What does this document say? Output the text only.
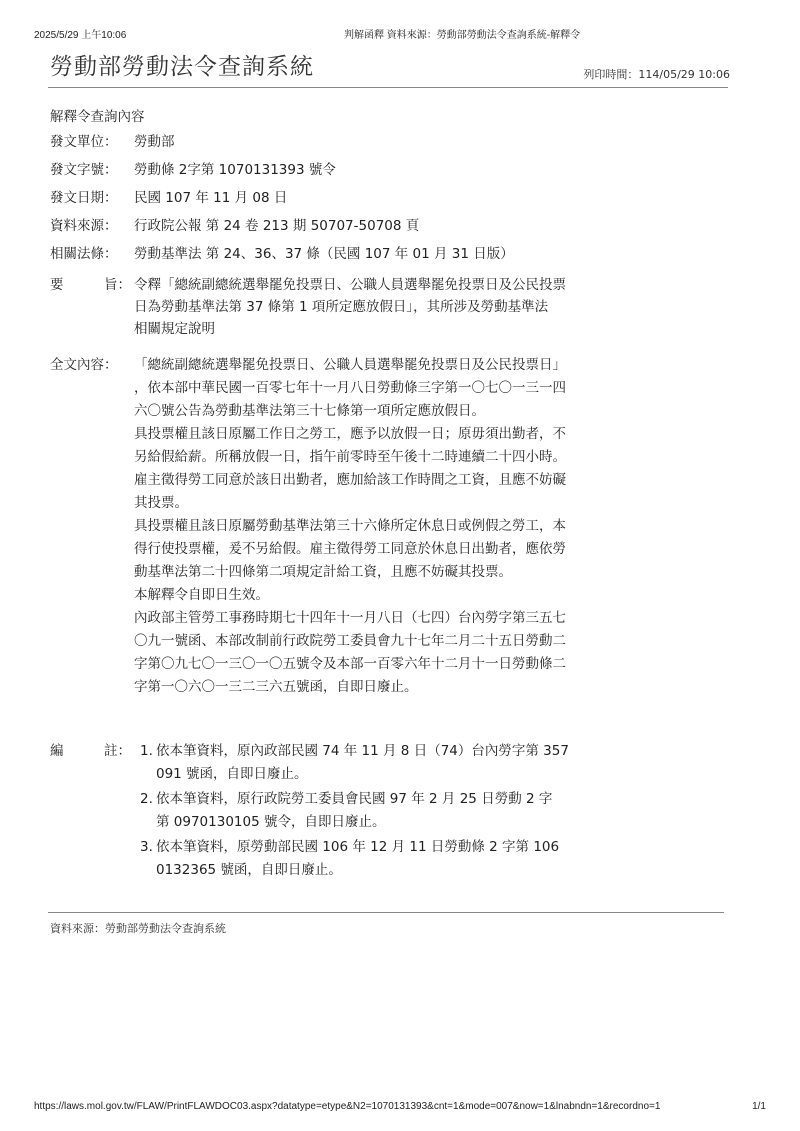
2025/5/29 上午10:06	判解函釋 資料來源：勞動部勞動法令查詢系統-解釋令
勞動部勞動法令查詢系統	列印時間：114/05/29 10:06
解釋令查詢內容
發文單位：	勞動部
發文字號：	勞動條 2字第 1070131393 號令
發文日期：	民國 107 年 11 月 08 日
資料來源：	行政院公報 第 24 卷 213 期 50707-50708 頁
相關法條：	勞動基準法 第 24、36、37 條（民國 107 年 01 月 31 日版）
要	旨： 令釋「總統副總統選舉罷免投票日、公職人員選舉罷免投票日及公民投票
日為勞動基準法第 37 條第 1 項所定應放假日」，其所涉及勞動基準法
相關規定說明
全文內容：	「總統副總統選舉罷免投票日、公職人員選舉罷免投票日及公民投票日」
，依本部中華民國一百零七年十一月八日勞動條三字第一〇七〇一三一四
六〇號公告為勞動基準法第三十七條第一項所定應放假日。
具投票權且該日原屬工作日之勞工，應予以放假一日；原毋須出勤者，不
另給假給薪。所稱放假一日，指午前零時至午後十二時連續二十四小時。
雇主徵得勞工同意於該日出勤者，應加給該工作時間之工資，且應不妨礙
其投票。
具投票權且該日原屬勞動基準法第三十六條所定休息日或例假之勞工，本
得行使投票權，爰不另給假。雇主徵得勞工同意於休息日出勤者，應依勞
動基準法第二十四條第二項規定計給工資，且應不妨礙其投票。
本解釋令自即日生效。
內政部主管勞工事務時期七十四年十一月八日（七四）台內勞字第三五七
〇九一號函、本部改制前行政院勞工委員會九十七年二月二十五日勞動二
字第〇九七〇一三〇一〇五號令及本部一百零六年十二月十一日勞動條二
字第一〇六〇一三二三六五號函，自即日廢止。
編	註： 1. 依本筆資料，原內政部民國 74 年 11 月 8 日（74）台內勞字第 357
091 號函，自即日廢止。
2. 依本筆資料，原行政院勞工委員會民國 97 年 2 月 25 日勞動 2 字
第 0970130105 號令，自即日廢止。
3. 依本筆資料，原勞動部民國 106 年 12 月 11 日勞動條 2 字第 106
0132365 號函，自即日廢止。
資料來源：勞動部勞動法令查詢系統
https://laws.mol.gov.tw/FLAW/PrintFLAWDOC03.aspx?datatype=etype&N2=1070131393&cnt=1&mode=007&now=1&lnabndn=1&recordno=1	1/1
